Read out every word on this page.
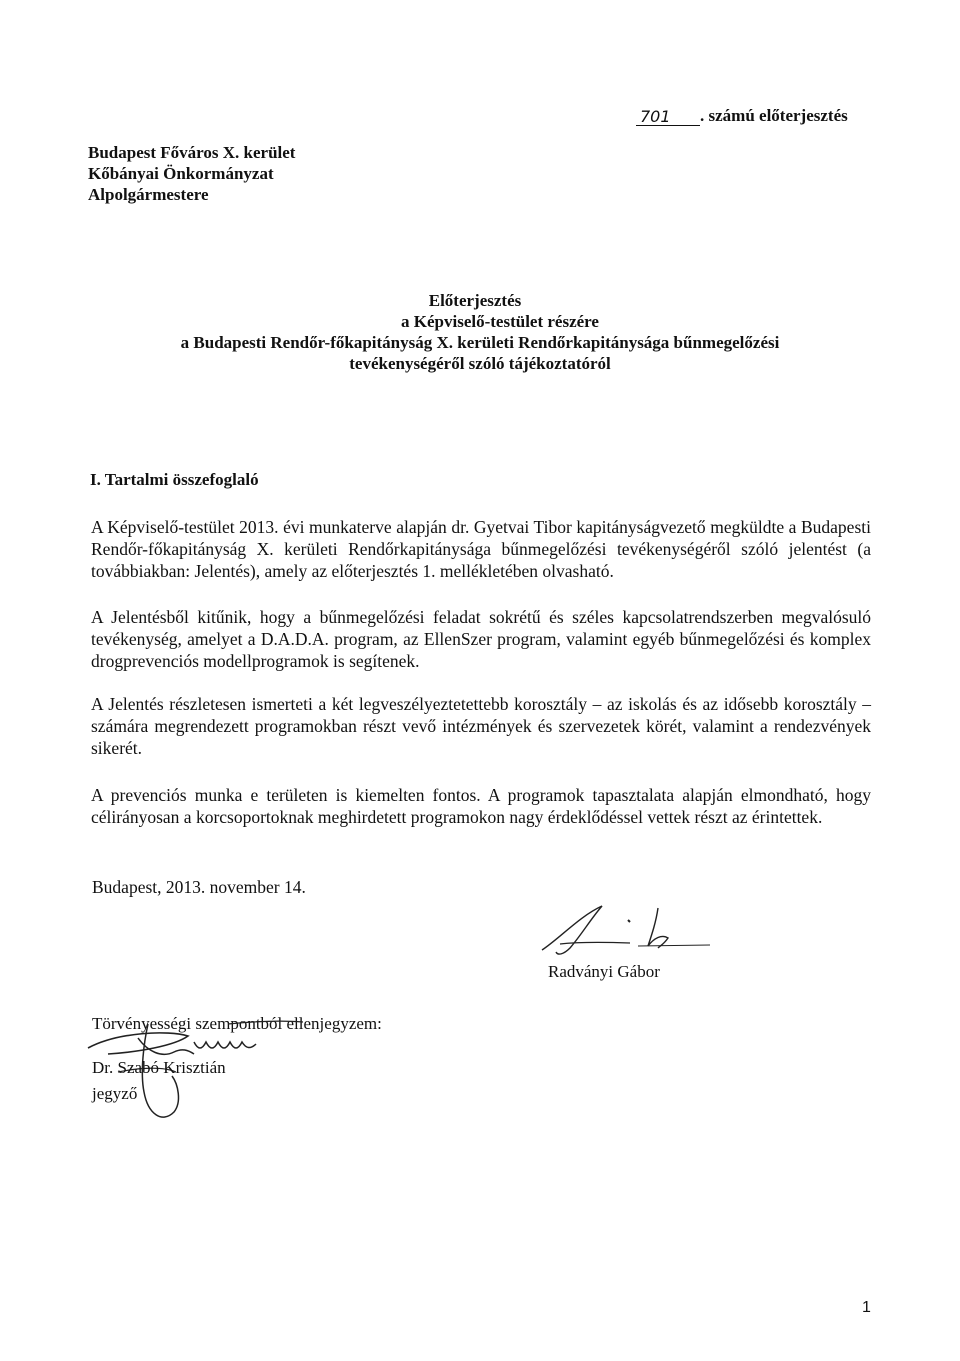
Budapest Főváros X. kerület
Kőbányai Önkormányzat
Alpolgármestere
701 . számú előterjesztés
Előterjesztés
a Képviselő-testület részére
a Budapesti Rendőr-főkapitányság X. kerületi Rendőrkapitánysága bűnmegelőzési
tevékenységéről szóló tájékoztatóról
I. Tartalmi összefoglaló
A Képviselő-testület 2013. évi munkaterve alapján dr. Gyetvai Tibor kapitányságvezető megküldte a Budapesti Rendőr-főkapitányság X. kerületi Rendőrkapitánysága bűnmegelőzési tevékenységéről szóló jelentést (a továbbiakban: Jelentés), amely az előterjesztés 1. mellékletében olvasható.
A Jelentésből kitűnik, hogy a bűnmegelőzési feladat sokrétű és széles kapcsolatrendszerben megvalósuló tevékenység, amelyet a D.A.D.A. program, az EllenSzer program, valamint egyéb bűnmegelőzési és komplex drogprevenciós modellprogramok is segítenek.
A Jelentés részletesen ismerteti a két legveszélyeztetettebb korosztály – az iskolás és az idősebb korosztály – számára megrendezett programokban részt vevő intézmények és szervezetek körét, valamint a rendezvények sikerét.
A prevenciós munka e területen is kiemelten fontos. A programok tapasztalata alapján elmondható, hogy célirányosan a korcsoportoknak meghirdetett programokon nagy érdeklődéssel vettek részt az érintettek.
Budapest, 2013. november 14.
Radványi Gábor
Törvényességi szempontból ellenjegyzem:
Dr. Szabó Krisztián
jegyző
1
